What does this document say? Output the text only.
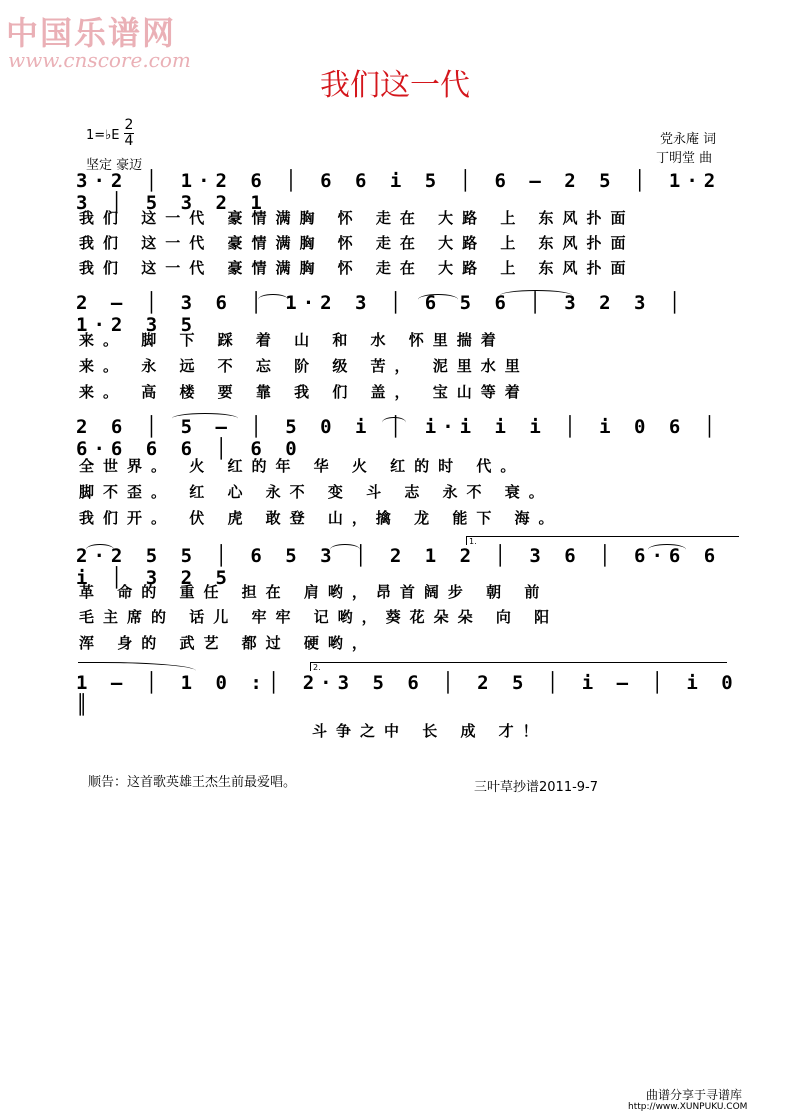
中国乐谱网
www.cnscore.com
我们这一代
1=♭E
2
4
坚定 豪迈
党永庵 词
丁明堂 曲
3·2 │ 1·2 6 │ 6 6 i 5 │ 6 – 2 5 │ 1·2 3 │ 5 3 2 1
我们 这一代 豪情满胸 怀 走在 大路 上 东风扑面
我们 这一代 豪情满胸 怀 走在 大路 上 东风扑面
我们 这一代 豪情满胸 怀 走在 大路 上 东风扑面
2 – │ 3 6 │ 1·2 3 │ 6 5 6 │ 3 2 3 │ 1·2 3 5
来。 脚 下 踩 着 山 和 水 怀里揣着
来。 永 远 不 忘 阶 级 苦， 泥里水里
来。 高 楼 要 靠 我 们 盖， 宝山等着
2 6 │ 5 – │ 5 0 i │ i·i i i │ i 0 6 │ 6·6 6 6 │ 6 0
全世界。 火 红的年 华 火 红的时 代。
脚不歪。 红 心 永不 变 斗 志 永不 衰。
我们开。 伏 虎 敢登 山，擒 龙 能下 海。
1.
2·2 5 5 │ 6 5 3 │ 2 1 2 │ 3 6 │ 6·6 6 i │ 3 2 5
革 命的 重任 担在 肩哟，昂首阔步 朝 前
毛主席的 话儿 牢牢 记哟，葵花朵朵 向 阳
浑 身的 武艺 都过 硬哟，
2.
1 – │ 1 0 :│ 2·3 5 6 │ 2 5 │ i – │ i 0 ║
斗争之中 长 成 才！
顺告：这首歌英雄王杰生前最爱唱。	三叶草抄谱2011-9-7
曲谱分享于寻谱库
http://www.XUNPUKU.COM
